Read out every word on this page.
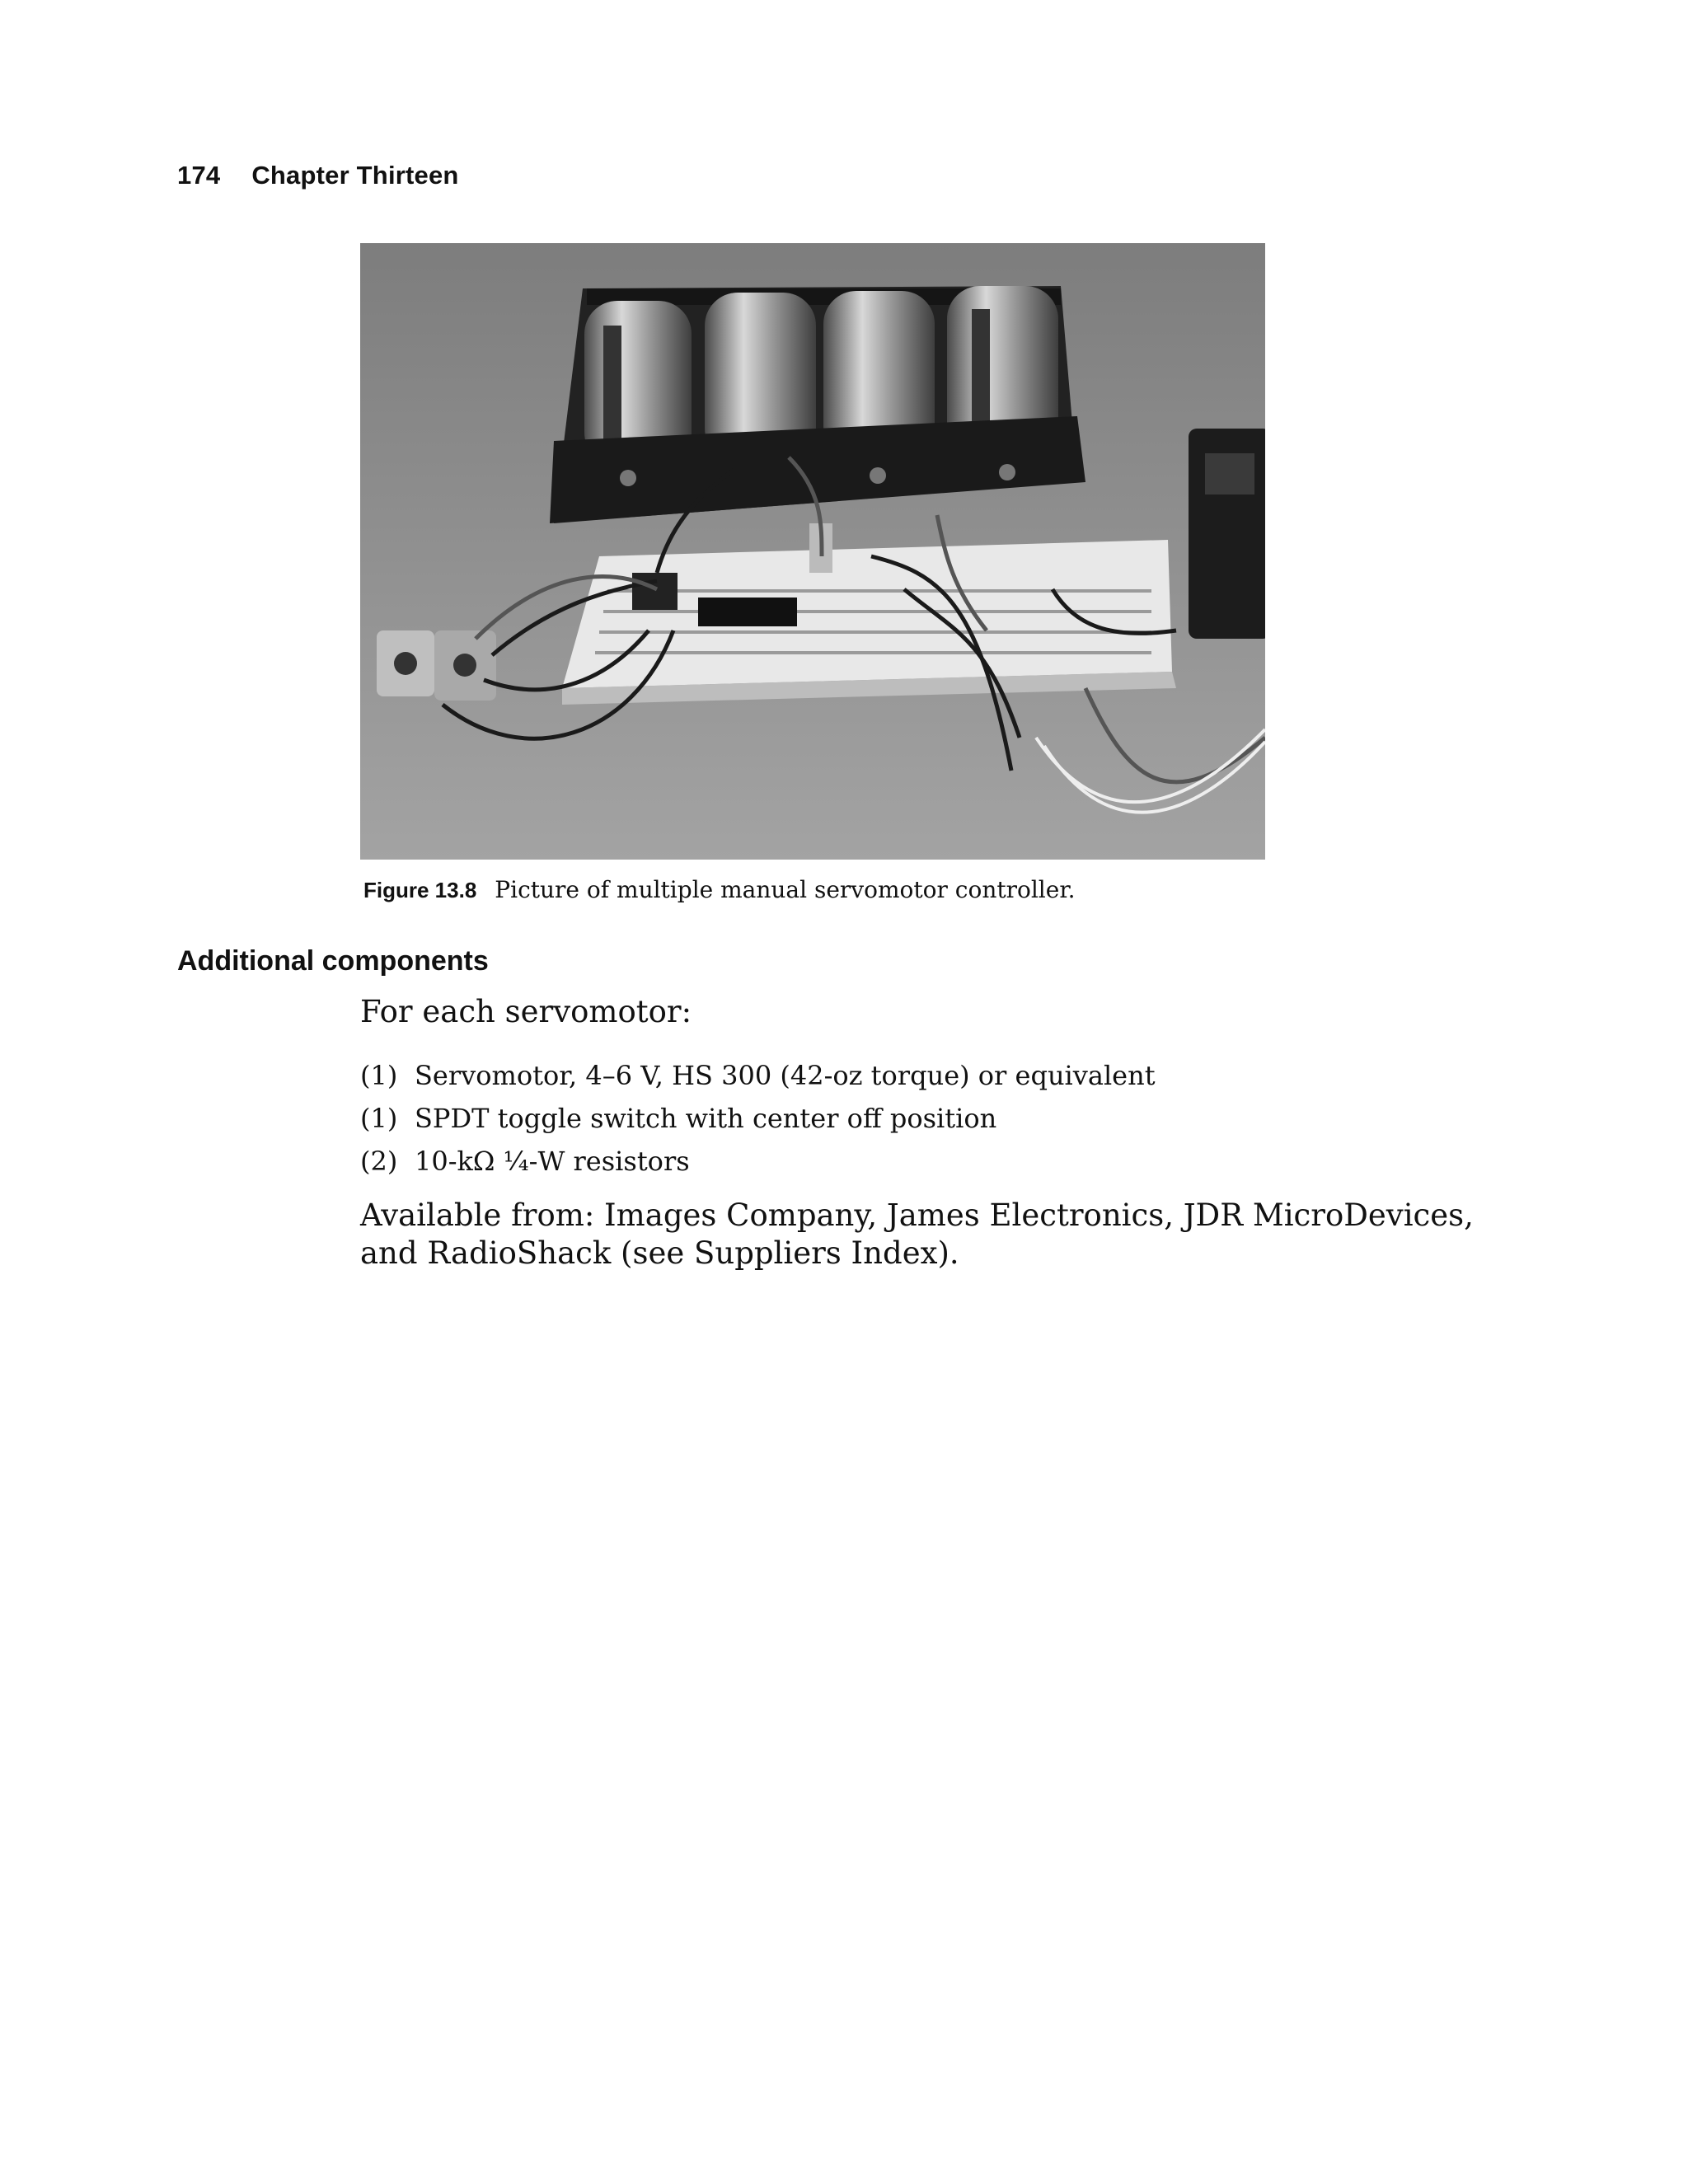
174 Chapter Thirteen
Figure 13.8 Picture of multiple manual servomotor controller.
Additional components
For each servomotor:
(1) Servomotor, 4–6 V, HS 300 (42-oz torque) or equivalent
(1) SPDT toggle switch with center off position
(2) 10-kΩ ¹⁄₄-W resistors

Available from: Images Company, James Electronics, JDR MicroDevices, and RadioShack (see Suppliers Index).
